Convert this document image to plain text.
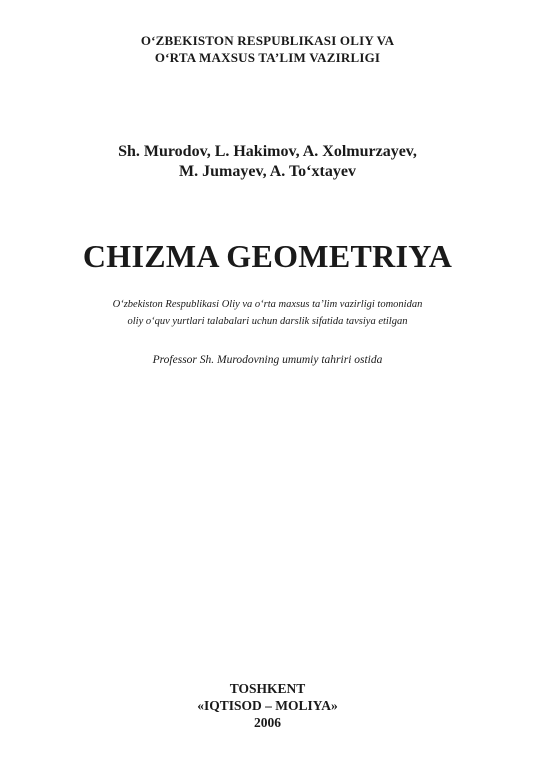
O‘ZBEKISTON RESPUBLIKASI OLIY VA
O‘RTA MAXSUS TA’LIM VAZIRLIGI
Sh. Murodov, L. Hakimov, A. Xolmurzayev,
M. Jumayev, A. To‘xtayev
CHIZMA GEOMETRIYA
O‘zbekiston Respublikasi Oliy va o‘rta maxsus ta’lim vazirligi tomonidan
oliy o‘quv yurtlari talabalari uchun darslik sifatida tavsiya etilgan
Professor Sh. Murodovning umumiy tahriri ostida
TOSHKENT
«IQTISOD – MOLIYA»
2006
